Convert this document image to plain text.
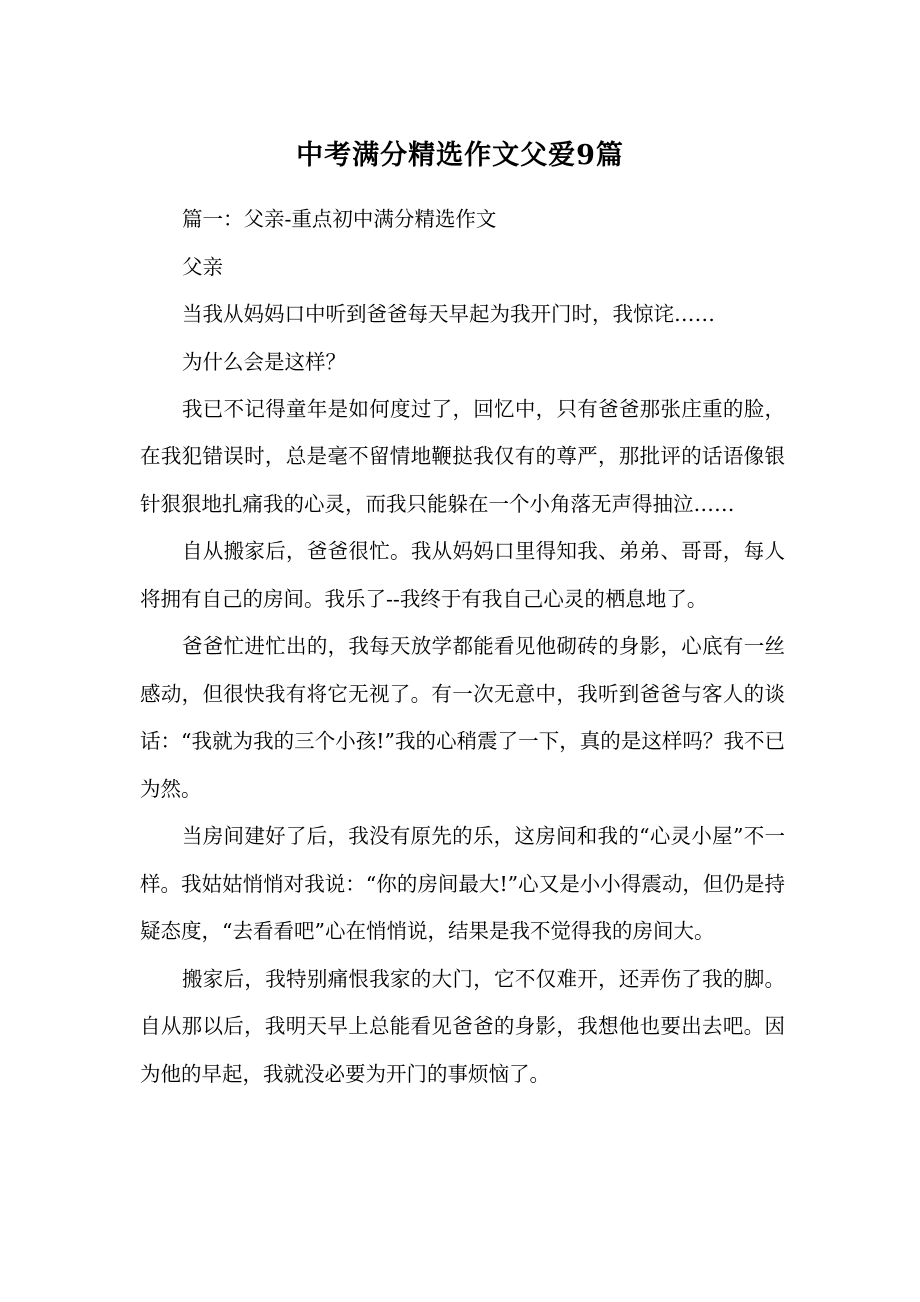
中考满分精选作文父爱9篇

篇一：父亲-重点初中满分精选作文

父亲

当我从妈妈口中听到爸爸每天早起为我开门时，我惊诧……

为什么会是这样？

我已不记得童年是如何度过了，回忆中，只有爸爸那张庄重的脸，在我犯错误时，总是毫不留情地鞭挞我仅有的尊严，那批评的话语像银针狠狠地扎痛我的心灵，而我只能躲在一个小角落无声得抽泣……

自从搬家后，爸爸很忙。我从妈妈口里得知我、弟弟、哥哥，每人将拥有自己的房间。我乐了--我终于有我自己心灵的栖息地了。

爸爸忙进忙出的，我每天放学都能看见他砌砖的身影，心底有一丝感动，但很快我有将它无视了。有一次无意中，我听到爸爸与客人的谈话：“我就为我的三个小孩!”我的心稍震了一下，真的是这样吗？我不已为然。

当房间建好了后，我没有原先的乐，这房间和我的“心灵小屋”不一样。我姑姑悄悄对我说：“你的房间最大!”心又是小小得震动，但仍是持疑态度，“去看看吧”心在悄悄说，结果是我不觉得我的房间大。

搬家后，我特别痛恨我家的大门，它不仅难开，还弄伤了我的脚。自从那以后，我明天早上总能看见爸爸的身影，我想他也要出去吧。因为他的早起，我就没必要为开门的事烦恼了。
